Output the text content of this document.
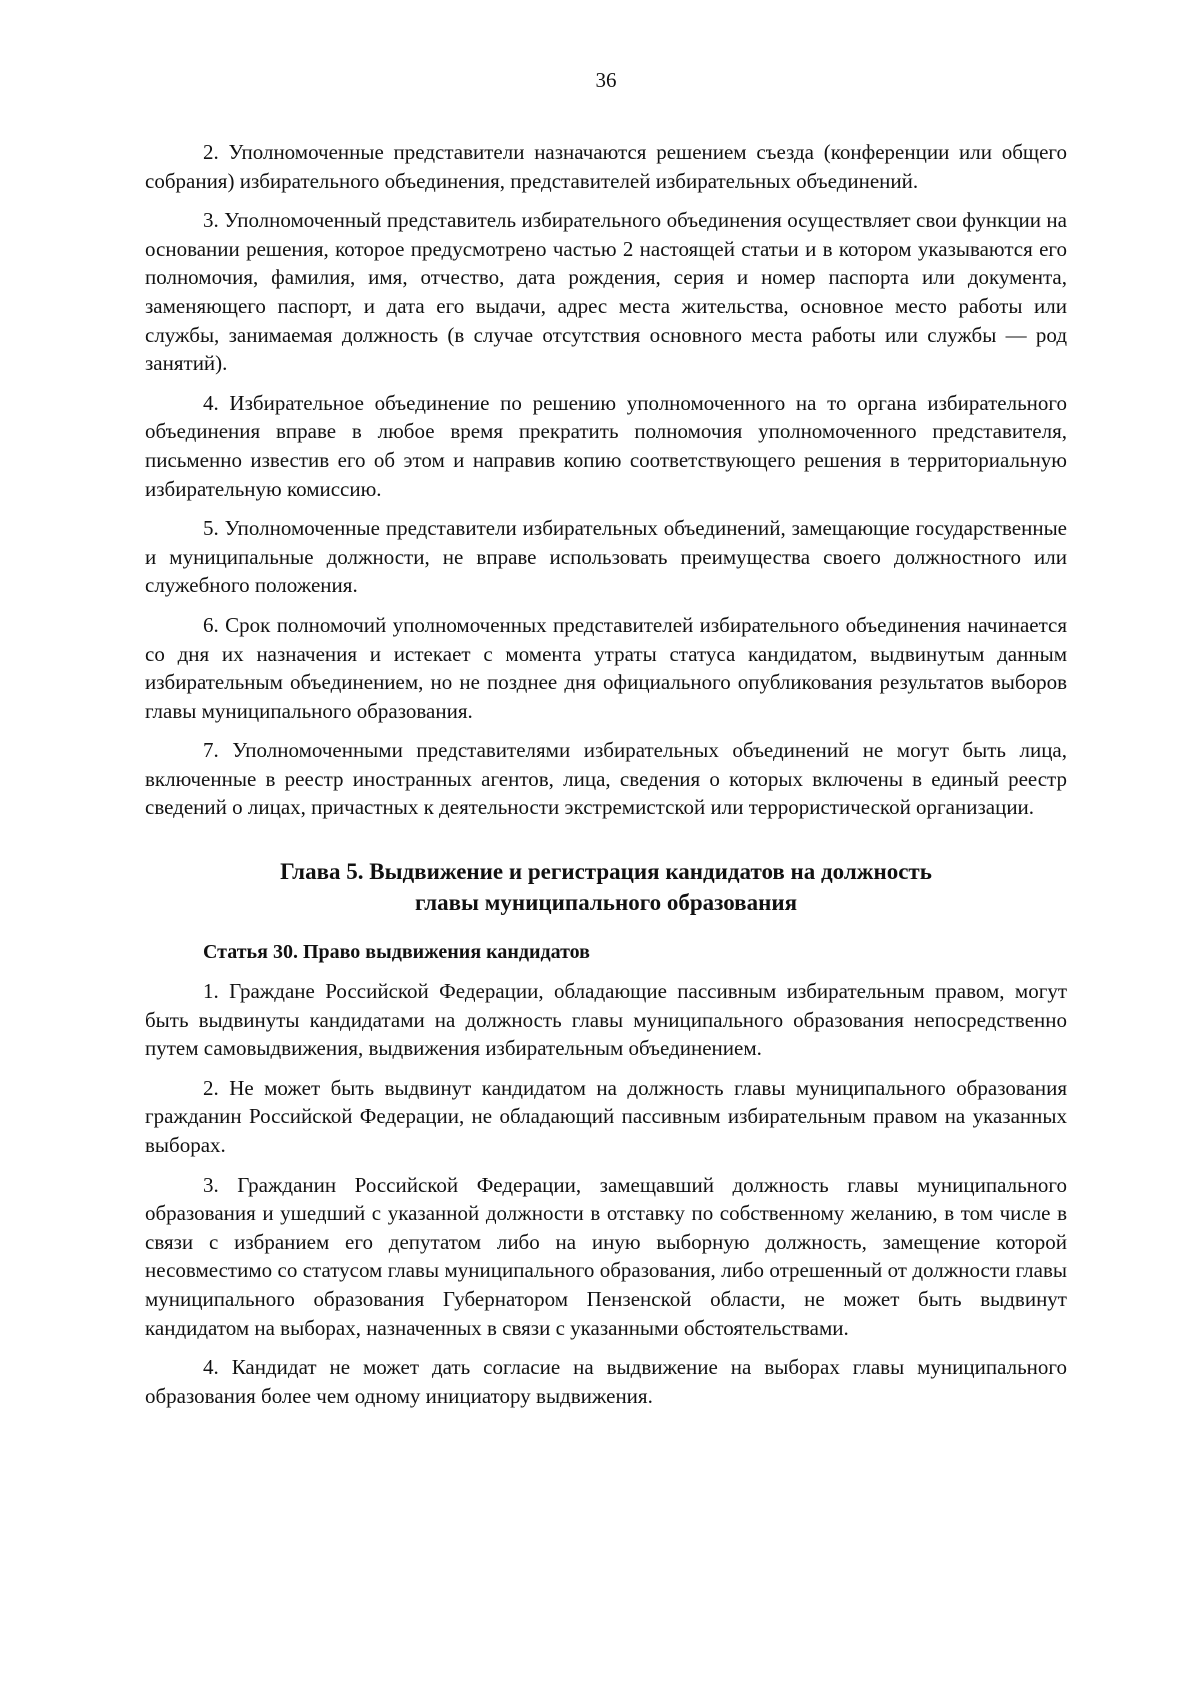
36

2. Уполномоченные представители назначаются решением съезда (конференции или общего собрания) избирательного объединения, представителей избирательных объединений.

3. Уполномоченный представитель избирательного объединения осуществляет свои функции на основании решения, которое предусмотрено частью 2 настоящей статьи и в котором указываются его полномочия, фамилия, имя, отчество, дата рождения, серия и номер паспорта или документа, заменяющего паспорт, и дата его выдачи, адрес места жительства, основное место работы или службы, занимаемая должность (в случае отсутствия основного места работы или службы — род занятий).

4. Избирательное объединение по решению уполномоченного на то органа избирательного объединения вправе в любое время прекратить полномочия уполномоченного представителя, письменно известив его об этом и направив копию соответствующего решения в территориальную избирательную комиссию.

5. Уполномоченные представители избирательных объединений, замещающие государственные и муниципальные должности, не вправе использовать преимущества своего должностного или служебного положения.

6. Срок полномочий уполномоченных представителей избирательного объединения начинается со дня их назначения и истекает с момента утраты статуса кандидатом, выдвинутым данным избирательным объединением, но не позднее дня официального опубликования результатов выборов главы муниципального образования.

7. Уполномоченными представителями избирательных объединений не могут быть лица, включенные в реестр иностранных агентов, лица, сведения о которых включены в единый реестр сведений о лицах, причастных к деятельности экстремистской или террористической организации.

Глава 5. Выдвижение и регистрация кандидатов на должность
главы муниципального образования
Статья 30. Право выдвижения кандидатов

1. Граждане Российской Федерации, обладающие пассивным избирательным правом, могут быть выдвинуты кандидатами на должность главы муниципального образования непосредственно путем самовыдвижения, выдвижения избирательным объединением.

2. Не может быть выдвинут кандидатом на должность главы муниципального образования гражданин Российской Федерации, не обладающий пассивным избирательным правом на указанных выборах.

3. Гражданин Российской Федерации, замещавший должность главы муниципального образования и ушедший с указанной должности в отставку по собственному желанию, в том числе в связи с избранием его депутатом либо на иную выборную должность, замещение которой несовместимо со статусом главы муниципального образования, либо отрешенный от должности главы муниципального образования Губернатором Пензенской области, не может быть выдвинут кандидатом на выборах, назначенных в связи с указанными обстоятельствами.

4. Кандидат не может дать согласие на выдвижение на выборах главы муниципального образования более чем одному инициатору выдвижения.
